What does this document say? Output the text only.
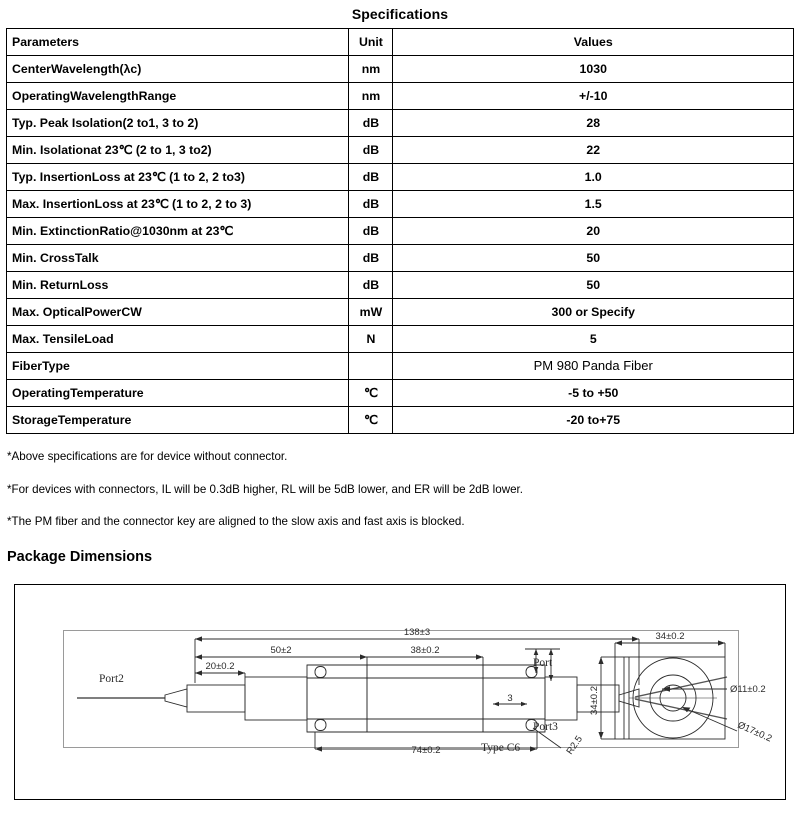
Specifications
Parameters	Unit	Values
CenterWavelength(λc)	nm	1030
OperatingWavelengthRange	nm	+/-10
Typ. Peak Isolation(2 to1, 3 to 2)	dB	28
Min. Isolationat 23℃ (2 to 1, 3 to2)	dB	22
Typ. InsertionLoss at 23℃ (1 to 2, 2 to3)	dB	1.0
Max. InsertionLoss at 23℃ (1 to 2, 2 to 3)	dB	1.5
Min. ExtinctionRatio@1030nm at 23℃	dB	20
Min. CrossTalk	dB	50
Min. ReturnLoss	dB	50
Max. OpticalPowerCW	mW	300 or Specify
Max. TensileLoad	N	5
FiberType		PM 980 Panda Fiber
OperatingTemperature	℃	-5 to +50
StorageTemperature	℃	-20 to+75
*Above specifications are for device without connector.
*For devices with connectors, IL will be 0.3dB higher, RL will be 5dB lower, and ER will be 2dB lower.
*The PM fiber and the connector key are aligned to the slow axis and fast axis is blocked.
Package Dimensions
Port2
Port
Port3
Type C6
138±3
50±2	38±0.2
20±0.2
74±0.2
3
34±0.2
R2.5
34±0.2	Ø11±0.2
Ø17±0.2
